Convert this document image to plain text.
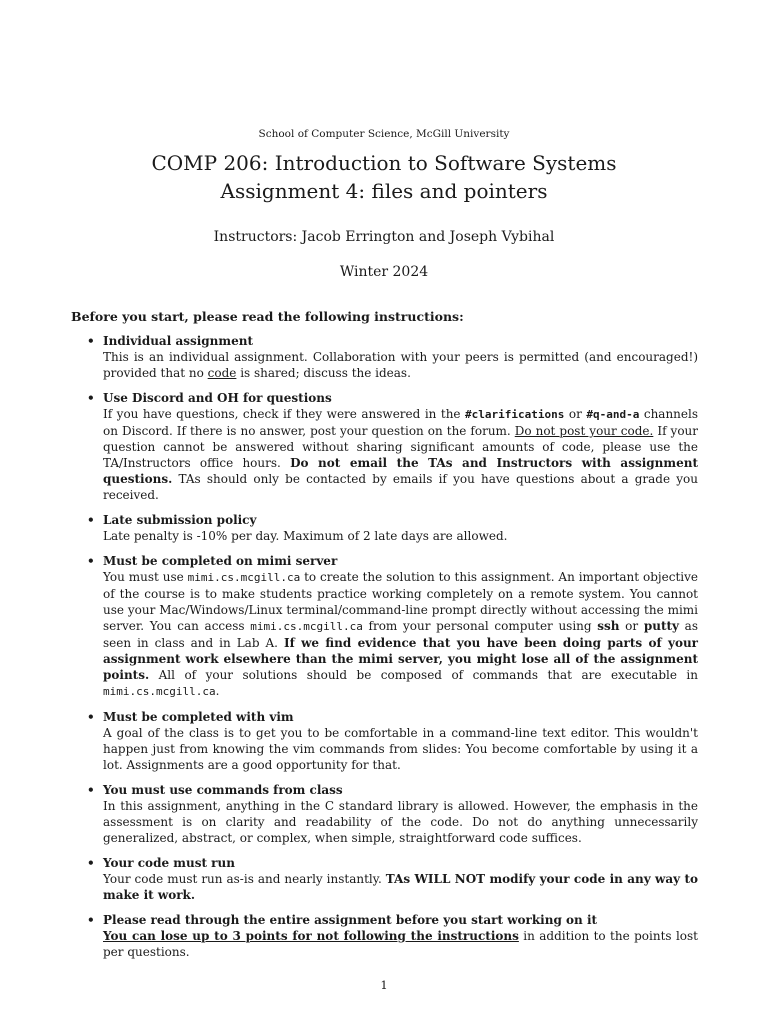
School of Computer Science, McGill University
COMP 206: Introduction to Software Systems
Assignment 4: files and pointers
Instructors: Jacob Errington and Joseph Vybihal
Winter 2024
Before you start, please read the following instructions:
• Individual assignment
This is an individual assignment. Collaboration with your peers is permitted (and encouraged!) provided that no code is shared; discuss the ideas.
• Use Discord and OH for questions
If you have questions, check if they were answered in the #clarifications or #q-and-a channels on Discord. If there is no answer, post your question on the forum. Do not post your code. If your question cannot be answered without sharing significant amounts of code, please use the TA/Instructors office hours. Do not email the TAs and Instructors with assignment questions. TAs should only be contacted by emails if you have questions about a grade you received.
• Late submission policy
Late penalty is -10% per day. Maximum of 2 late days are allowed.
• Must be completed on mimi server
You must use mimi.cs.mcgill.ca to create the solution to this assignment. An important objective of the course is to make students practice working completely on a remote system. You cannot use your Mac/Windows/Linux terminal/command-line prompt directly without accessing the mimi server. You can access mimi.cs.mcgill.ca from your personal computer using ssh or putty as seen in class and in Lab A. If we find evidence that you have been doing parts of your assignment work elsewhere than the mimi server, you might lose all of the assignment points. All of your solutions should be composed of commands that are executable in mimi.cs.mcgill.ca.
• Must be completed with vim
A goal of the class is to get you to be comfortable in a command-line text editor. This wouldn't happen just from knowing the vim commands from slides: You become comfortable by using it a lot. Assignments are a good opportunity for that.
• You must use commands from class
In this assignment, anything in the C standard library is allowed. However, the emphasis in the assessment is on clarity and readability of the code. Do not do anything unnecessarily generalized, abstract, or complex, when simple, straightforward code suffices.
• Your code must run
Your code must run as-is and nearly instantly. TAs WILL NOT modify your code in any way to make it work.
• Please read through the entire assignment before you start working on it
You can lose up to 3 points for not following the instructions in addition to the points lost per questions.
1
